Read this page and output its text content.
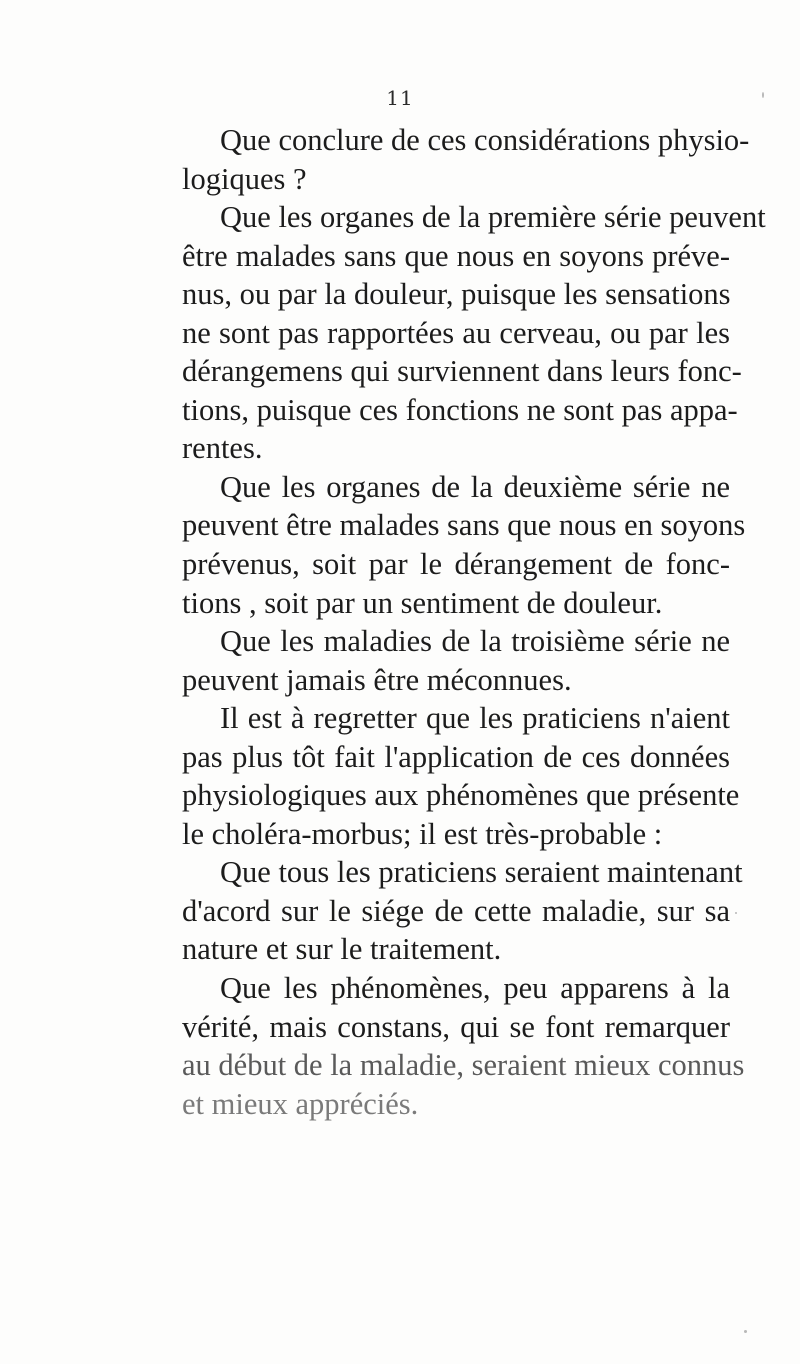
11
Que conclure de ces considérations physio-
logiques ?
Que les organes de la première série peuvent
être malades sans que nous en soyons préve-
nus, ou par la douleur, puisque les sensations
ne sont pas rapportées au cerveau, ou par les
dérangemens qui surviennent dans leurs fonc-
tions, puisque ces fonctions ne sont pas appa-
rentes.
Que les organes de la deuxième série ne
peuvent être malades sans que nous en soyons
prévenus, soit par le dérangement de fonc-
tions , soit par un sentiment de douleur.
Que les maladies de la troisième série ne
peuvent jamais être méconnues.
Il est à regretter que les praticiens n'aient
pas plus tôt fait l'application de ces données
physiologiques aux phénomènes que présente
le choléra-morbus; il est très-probable :
Que tous les praticiens seraient maintenant
d'acord sur le siége de cette maladie, sur sa
nature et sur le traitement.
Que les phénomènes, peu apparens à la
vérité, mais constans, qui se font remarquer
au début de la maladie, seraient mieux connus
et mieux appréciés.
